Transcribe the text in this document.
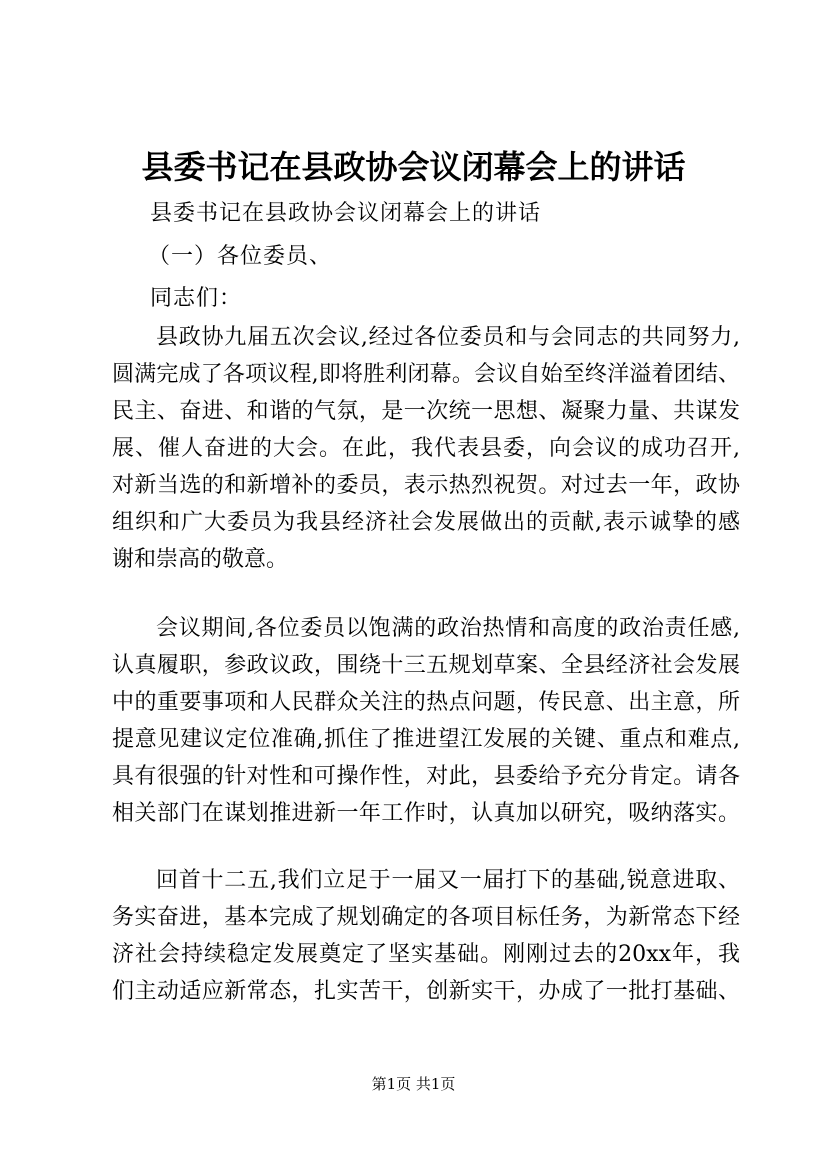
县委书记在县政协会议闭幕会上的讲话
县委书记在县政协会议闭幕会上的讲话
（一）各位委员、
同志们：
县政协九届五次会议,经过各位委员和与会同志的共同努力,
圆满完成了各项议程,即将胜利闭幕。会议自始至终洋溢着团结、
民主、奋进、和谐的气氛，是一次统一思想、凝聚力量、共谋发
展、催人奋进的大会。在此，我代表县委，向会议的成功召开,
对新当选的和新增补的委员，表示热烈祝贺。对过去一年，政协
组织和广大委员为我县经济社会发展做出的贡献,表示诚挚的感
谢和崇高的敬意。
会议期间,各位委员以饱满的政治热情和高度的政治责任感,
认真履职，参政议政，围绕十三五规划草案、全县经济社会发展
中的重要事项和人民群众关注的热点问题，传民意、出主意，所
提意见建议定位准确,抓住了推进望江发展的关键、重点和难点,
具有很强的针对性和可操作性，对此，县委给予充分肯定。请各
相关部门在谋划推进新一年工作时，认真加以研究，吸纳落实。
回首十二五,我们立足于一届又一届打下的基础,锐意进取、
务实奋进，基本完成了规划确定的各项目标任务，为新常态下经
济社会持续稳定发展奠定了坚实基础。刚刚过去的20xx年，我
们主动适应新常态，扎实苦干，创新实干，办成了一批打基础、
第1页 共1页
